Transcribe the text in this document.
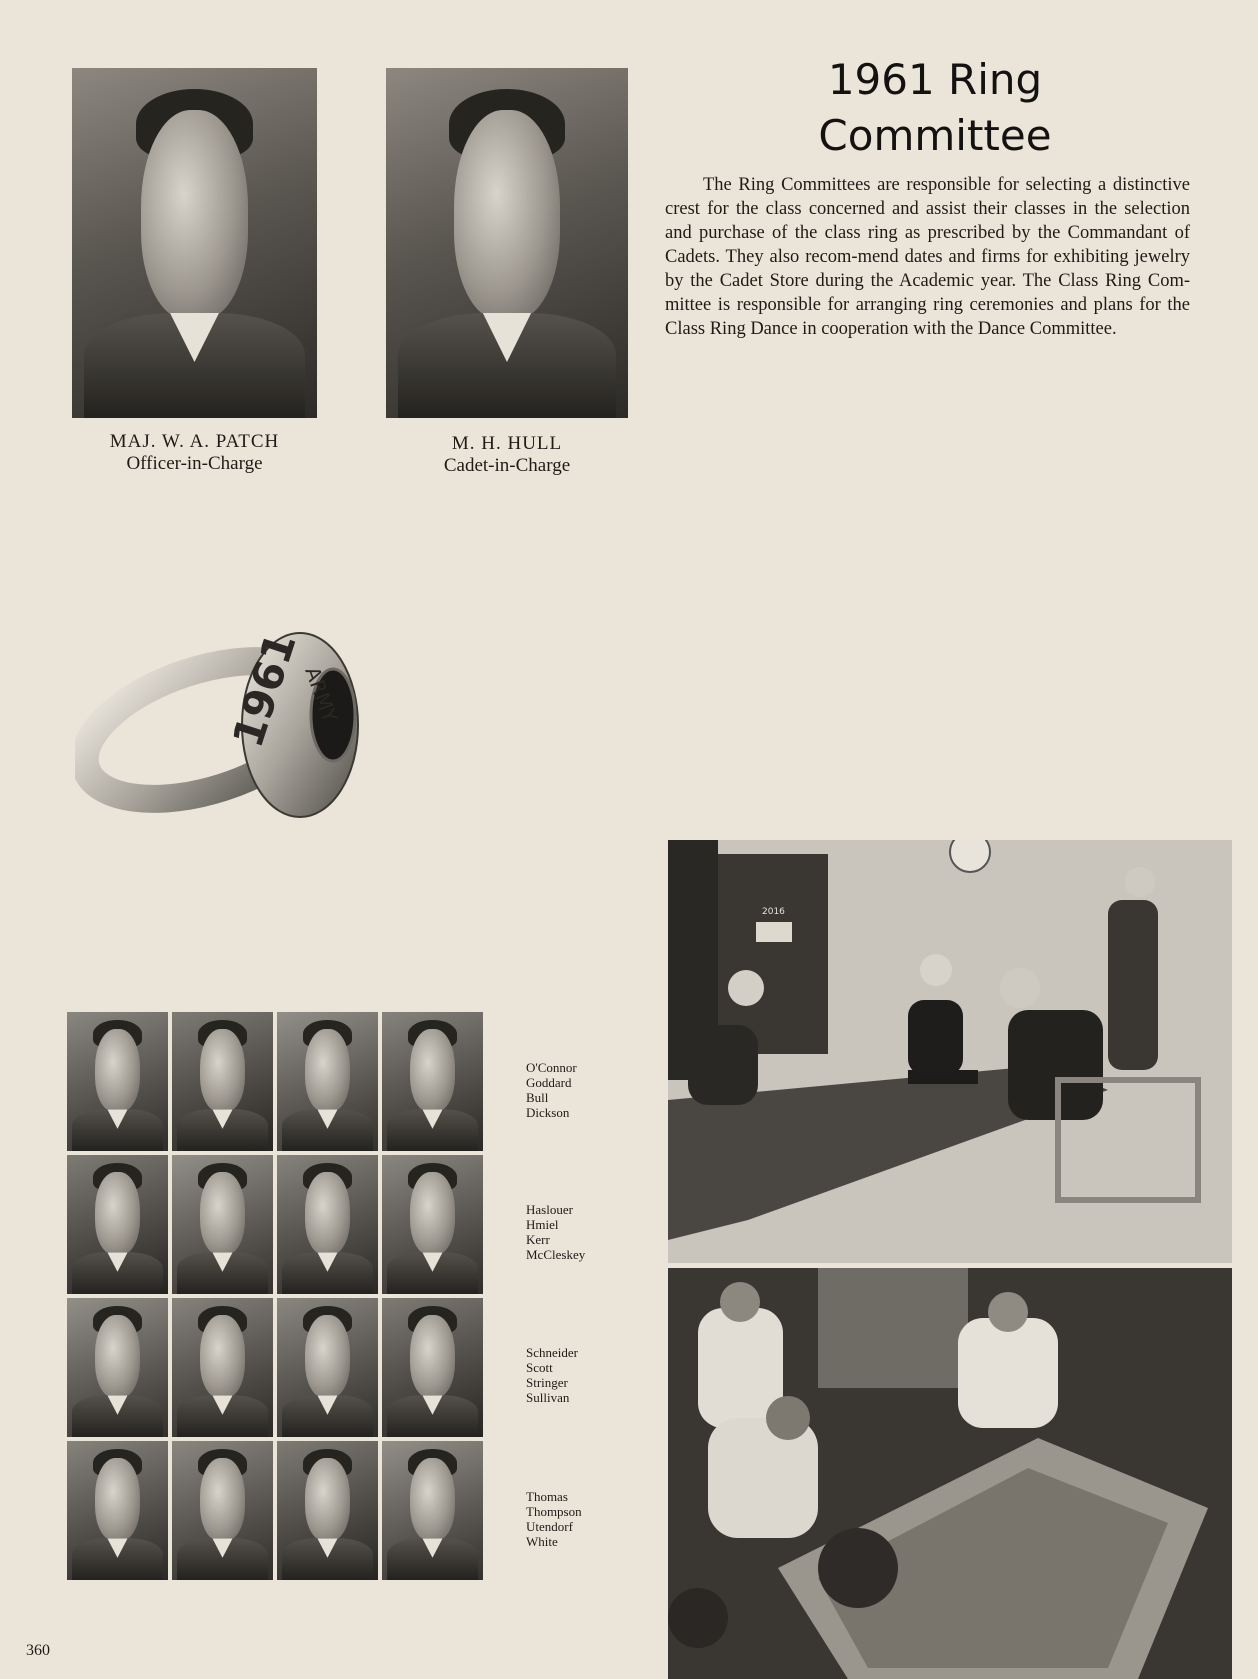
MAJ. W. A. PATCH
Officer-in-Charge
M. H. HULL
Cadet-in-Charge
1961 Ring
Committee

The Ring Committees are responsible for selecting a distinctive crest for the class concerned and assist their classes in the selection and purchase of the class ring as prescribed by the Commandant of Cadets. They also recom-mend dates and firms for exhibiting jewelry by the Cadet Store during the Academic year. The Class Ring Com-mittee is responsible for arranging ring ceremonies and plans for the Class Ring Dance in cooperation with the Dance Committee.

1961
ARMY
O'Connor
Goddard
Bull
Dickson
Haslouer
Hmiel
Kerr
McCleskey
Schneider
Scott
Stringer
Sullivan
Thomas
Thompson
Utendorf
White
2016
360
